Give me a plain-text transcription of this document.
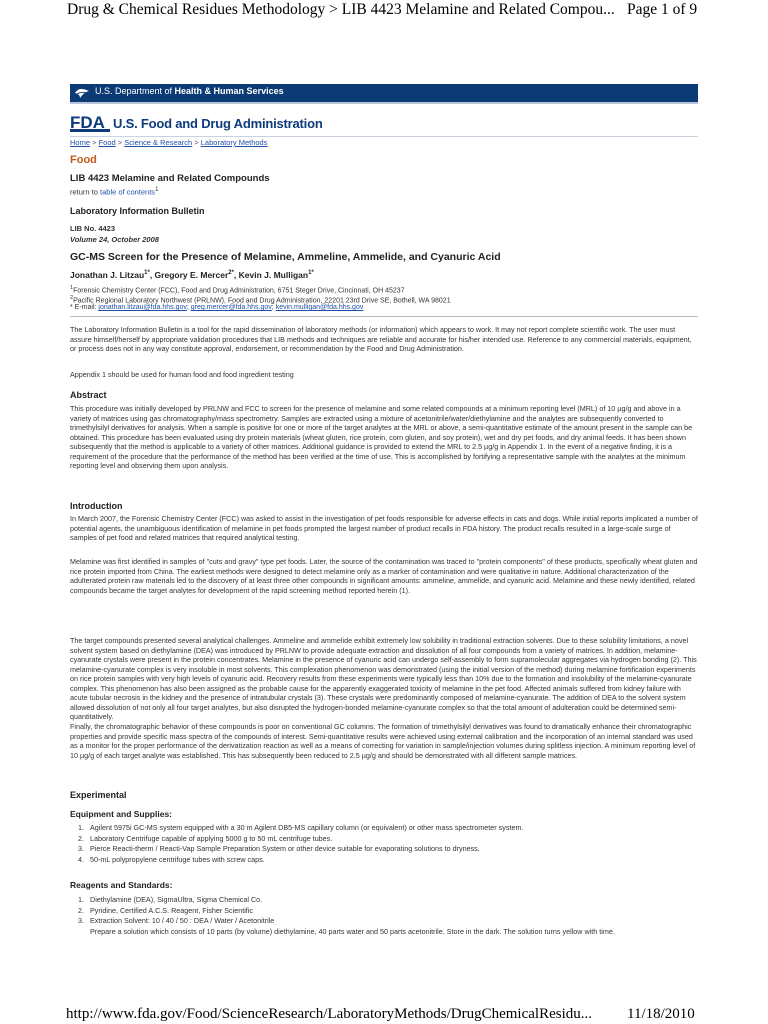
Drug & Chemical Residues Methodology > LIB 4423 Melamine and Related Compou... Page 1 of 9
U.S. Department of Health & Human Services
FDA U.S. Food and Drug Administration
Home > Food > Science & Research > Laboratory Methods
Food
LIB 4423 Melamine and Related Compounds
return to table of contents$^1$
Laboratory Information Bulletin
LIB No. 4423
Volume 24, October 2008
GC-MS Screen for the Presence of Melamine, Ammeline, Ammelide, and Cyanuric Acid
Jonathan J. Litzau$^{1*}$, Gregory E. Mercer$^{2*}$, Kevin J. Mulligan$^{1*}$
$^1$Forensic Chemistry Center (FCC), Food and Drug Administration, 6751 Steger Drive, Cincinnati, OH 45237
$^2$Pacific Regional Laboratory Northwest (PRLNW), Food and Drug Administration, 22201 23rd Drive SE, Bothell, WA 98021
* E-mail: jonathan.litzau@fda.hhs.gov; greg.mercer@fda.hhs.gov; kevin.mulligan@fda.hhs.gov

The Laboratory Information Bulletin is a tool for the rapid dissemination of laboratory methods (or information) which appears to work. It may not report complete scientific work. The user must assure himself/herself by appropriate validation procedures that LIB methods and techniques are reliable and accurate for his/her intended use. Reference to any commercial materials, equipment, or process does not in any way constitute approval, endorsement, or recommendation by the Food and Drug Administration.

Appendix 1 should be used for human food and food ingredient testing

Abstract

This procedure was initially developed by PRLNW and FCC to screen for the presence of melamine and some related compounds at a minimum reporting level (MRL) of 10 µg/g and above in a variety of matrices using gas chromatography/mass spectrometry. Samples are extracted using a mixture of acetonitrile/water/diethylamine and the analytes are subsequently converted to trimethylsilyl derivatives for analysis. When a sample is positive for one or more of the target analytes at the MRL or above, a semi-quantitative estimate of the amount present in the sample can be obtained. This procedure has been evaluated using dry protein materials (wheat gluten, rice protein, corn gluten, and soy protein), wet and dry pet foods, and dry animal feeds. It has been shown subsequently that the method is applicable to a variety of other matrices. Additional guidance is provided to extend the MRL to 2.5 µg/g in Appendix 1. In the event of a negative finding, it is a requirement of the procedure that the performance of the method has been verified at the time of use. This is accomplished by fortifying a representative sample with the analytes at the minimum reporting level and observing them upon analysis.

Introduction

In March 2007, the Forensic Chemistry Center (FCC) was asked to assist in the investigation of pet foods responsible for adverse effects in cats and dogs. While initial reports implicated a number of potential agents, the unambiguous identification of melamine in pet foods prompted the largest number of product recalls in FDA history. The product recalls resulted in a large-scale surge of samples of pet food and related matrices that required analytical testing.

Melamine was first identified in samples of "cuts and gravy" type pet foods. Later, the source of the contamination was traced to "protein components" of these products, specifically wheat gluten and rice protein imported from China. The earliest methods were designed to detect melamine only as a marker of contamination and were qualitative in nature. Additional characterization of the adulterated protein raw materials led to the discovery of at least three other compounds in significant amounts: ammeline, ammelide, and cyanuric acid. Melamine and these newly identified, related compounds became the target analytes for development of the rapid screening method reported herein (1).

The target compounds presented several analytical challenges. Ammeline and ammelide exhibit extremely low solubility in traditional extraction solvents. Due to these solubility limitations, a novel solvent system based on diethylamine (DEA) was introduced by PRLNW to provide adequate extraction and dissolution of all four compounds from a variety of matrices. In addition, melamine-cyanurate crystals were present in the protein concentrates. Melamine in the presence of cyanuric acid can undergo self-assembly to form supramolecular aggregates via hydrogen bonding (2). This melamine-cyanurate complex is very insoluble in most solvents. This complexation phenomenon was demonstrated (using the initial version of the method) during melamine fortification experiments on rice protein samples with very high levels of cyanuric acid. Recovery results from these experiments were typically less than 10% due to the formation and insolubility of the melamine-cyanurate complex. This phenomenon has also been assigned as the probable cause for the apparently exaggerated toxicity of melamine in the pet food. Affected animals suffered from kidney failure with acute tubular necrosis in the kidney and the presence of intratubular crystals (3). These crystals were predominantly composed of melamine-cyanurate. The addition of DEA to the solvent system allowed dissolution of not only all four target analytes, but also disrupted the hydrogen-bonded melamine-cyanurate complex so that the total amount of adulteration could be determined semi-quantitatively.

Finally, the chromatographic behavior of these compounds is poor on conventional GC columns. The formation of trimethylsilyl derivatives was found to dramatically enhance their chromatographic properties and provide specific mass spectra of the compounds of interest. Semi-quantitative results were achieved using external calibration and the incorporation of an internal standard was used as a monitor for the proper performance of the derivatization reaction as well as a means of correcting for variation in sample/injection volumes during splitless injection. A minimum reporting level of 10 µg/g of each target analyte was established. This has subsequently been reduced to 2.5 µg/g and should be demonstrated with all different sample matrices.

Experimental
Equipment and Supplies:
1. Agilent 5975i GC-MS system equipped with a 30 m Agilent DB5-MS capillary column (or equivalent) or other mass spectrometer system.
2. Laboratory Centrifuge capable of applying 5000 g to 50 mL centrifuge tubes.
3. Pierce Reacti-therm / Reacti-Vap Sample Preparation System or other device suitable for evaporating solutions to dryness.
4. 50-mL polypropylene centrifuge tubes with screw caps.
Reagents and Standards:
1. Diethylamine (DEA), SigmaUltra, Sigma Chemical Co.
2. Pyridine, Certified A.C.S. Reagent, Fisher Scientific
3. Extraction Solvent: 10 / 40 / 50 : DEA / Water / Acetonitrile
Prepare a solution which consists of 10 parts (by volume) diethylamine, 40 parts water and 50 parts acetonitrile. Store in the dark. The solution turns yellow with time.
http://www.fda.gov/Food/ScienceResearch/LaboratoryMethods/DrugChemicalResidu... 11/18/2010
